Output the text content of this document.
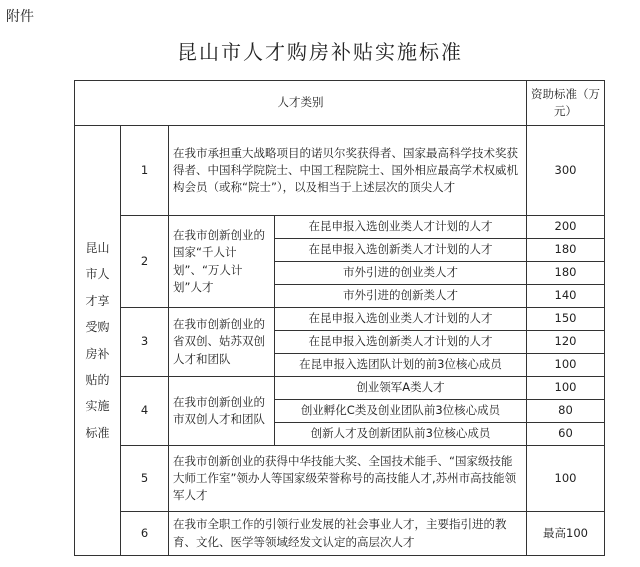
附件
昆山市人才购房补贴实施标准
人才类别				资助标准（万元）
昆山市人才享受购房补贴的实施标准	1	在我市承担重大战略项目的诺贝尔奖获得者、国家最高科学技术奖获得者、中国科学院院士、中国工程院院士、国外相应最高学术权威机构会员（或称“院士”），以及相当于上述层次的顶尖人才		300
	2	在我市创新创业的国家“千人计划”、“万人计划”人才	在昆申报入选创业类人才计划的人才	200
			在昆申报入选创新类人才计划的人才	180
			市外引进的创业类人才	180
			市外引进的创新类人才	140
	3	在我市创新创业的省双创、姑苏双创人才和团队	在昆申报入选创业类人才计划的人才	150
			在昆申报入选创新类人才计划的人才	120
			在昆申报入选团队计划的前3位核心成员	100
	4	在我市创新创业的市双创人才和团队	创业领军A类人才	100
			创业孵化C类及创业团队前3位核心成员	80
			创新人才及创新团队前3位核心成员	60
	5	在我市创新创业的获得中华技能大奖、全国技术能手、“国家级技能大师工作室”领办人等国家级荣誉称号的高技能人才,苏州市高技能领军人才		100
	6	在我市全职工作的引领行业发展的社会事业人才，主要指引进的教育、文化、医学等领域经发文认定的高层次人才		最高100
